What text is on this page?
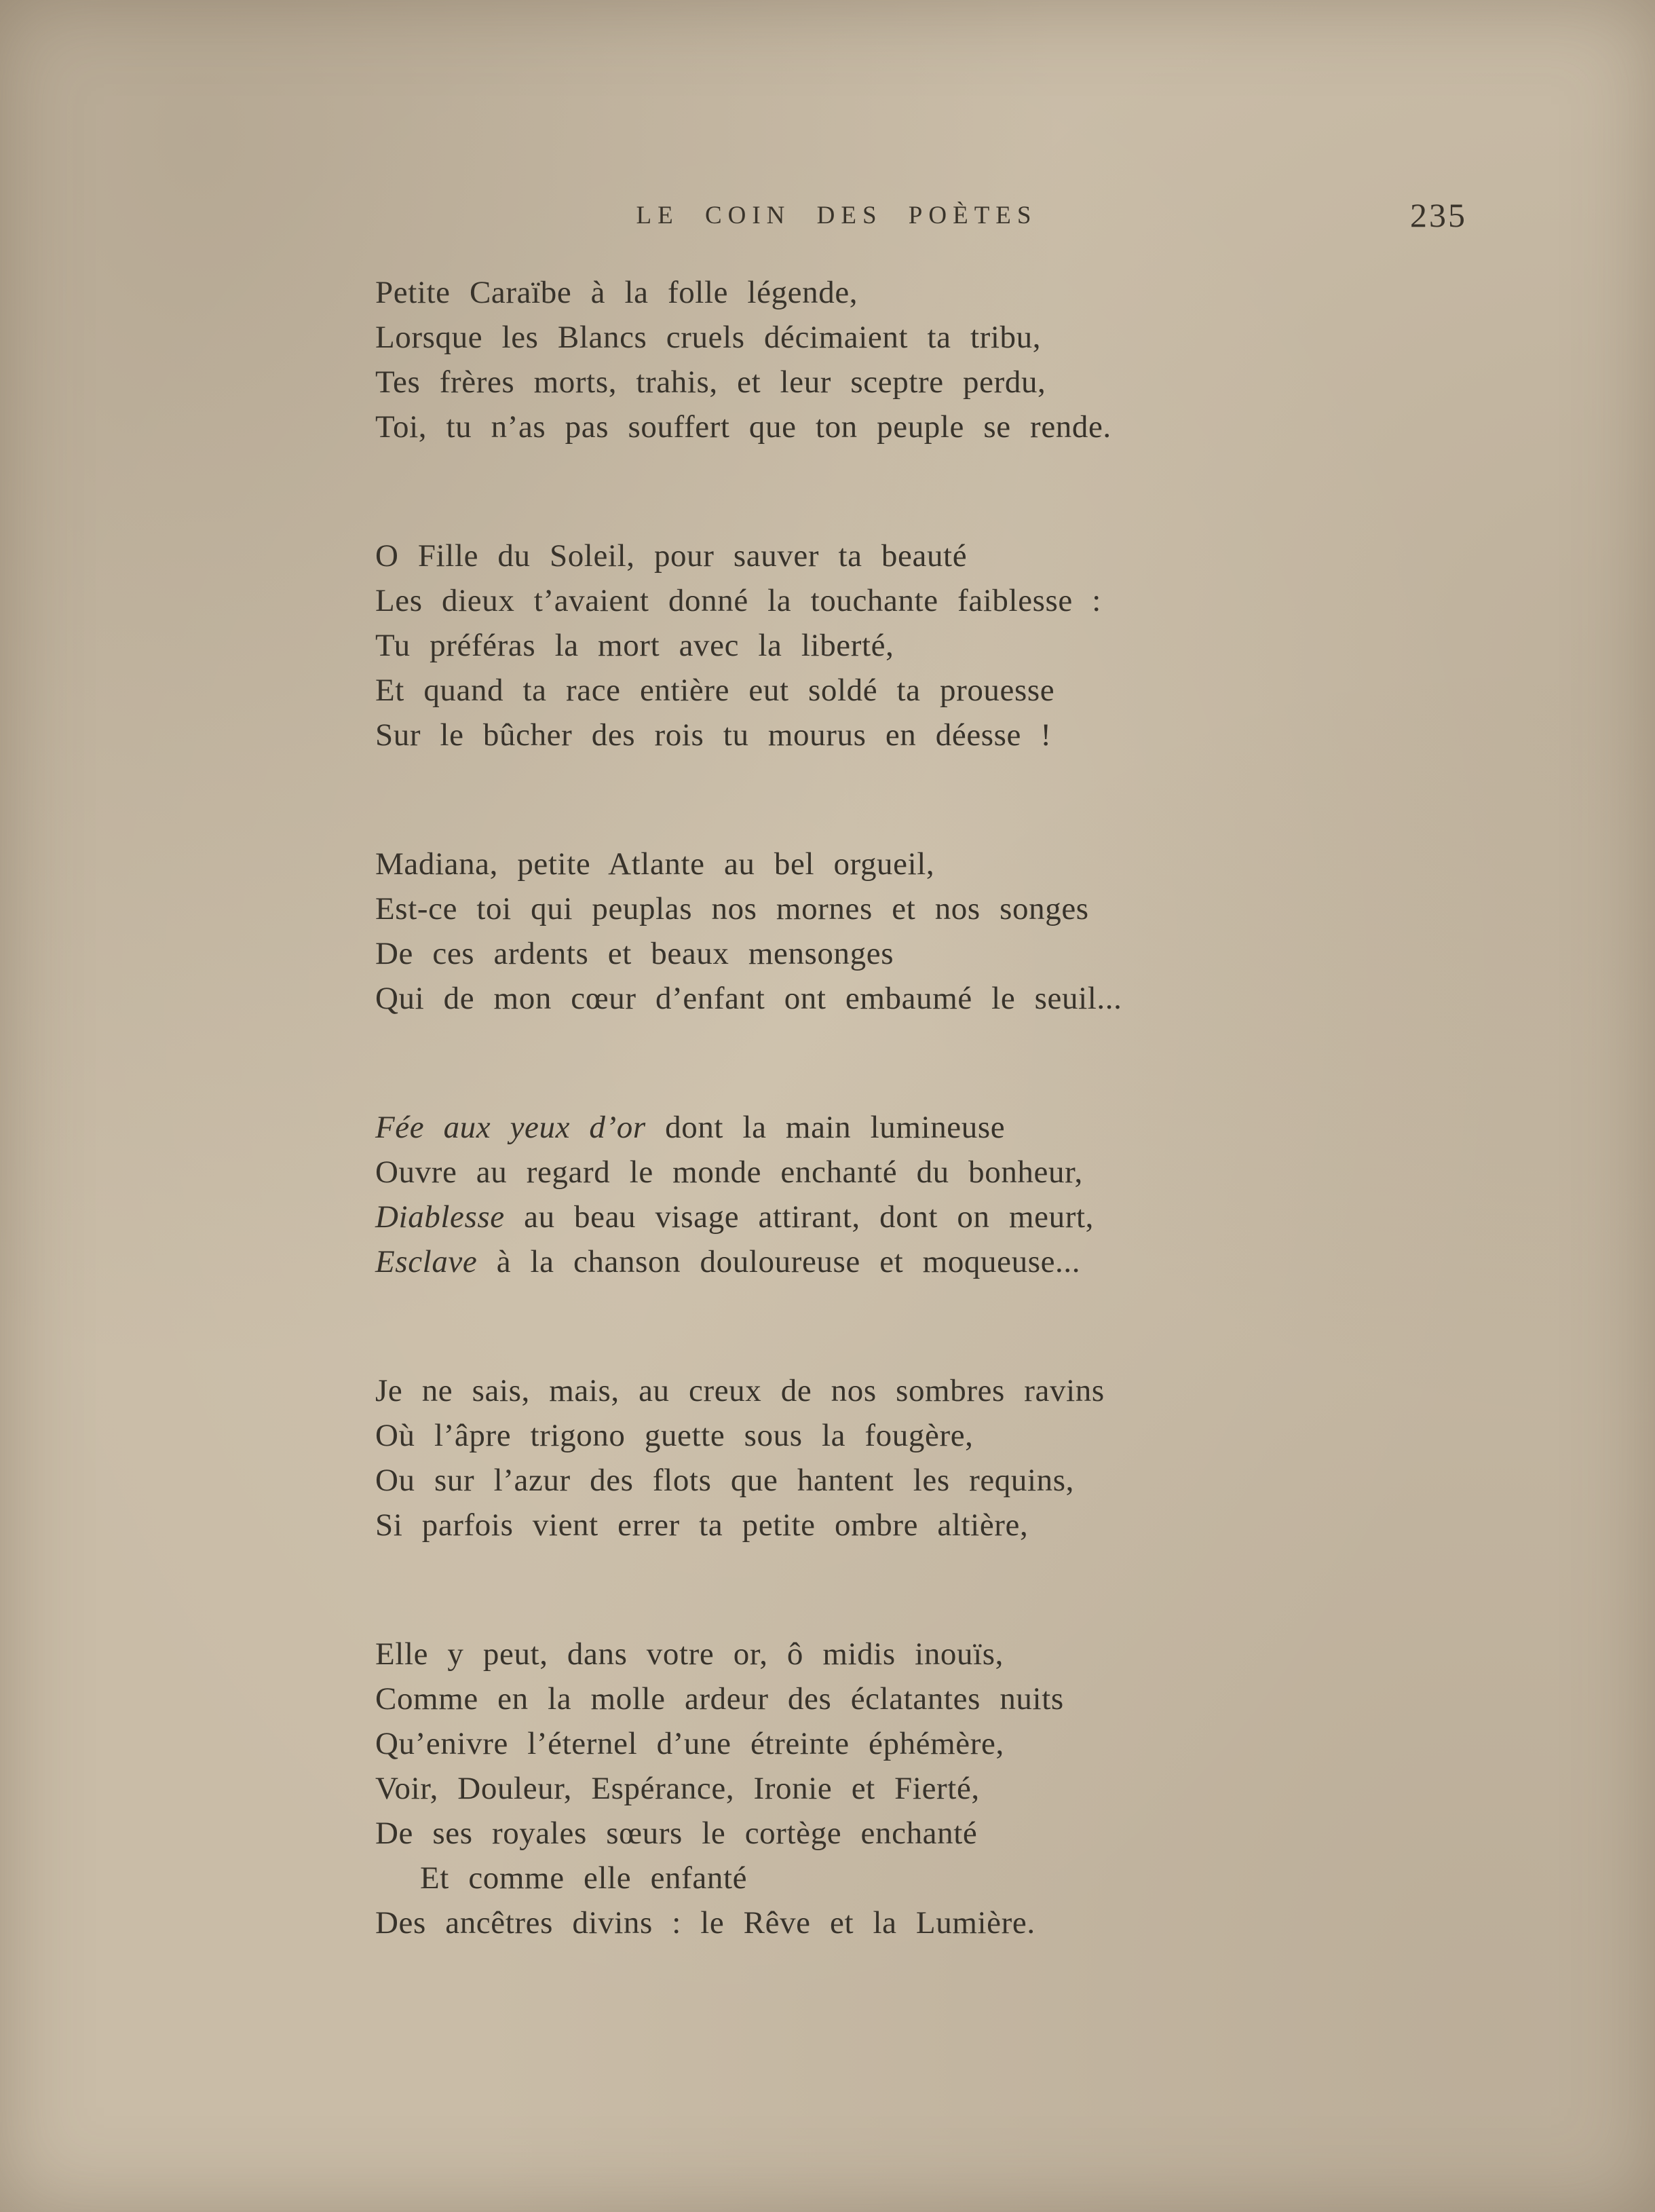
LE COIN DES POÈTES	235
Petite Caraïbe à la folle légende,
Lorsque les Blancs cruels décimaient ta tribu,
Tes frères morts, trahis, et leur sceptre perdu,
Toi, tu n’as pas souffert que ton peuple se rende.
O Fille du Soleil, pour sauver ta beauté
Les dieux t’avaient donné la touchante faiblesse :
Tu préféras la mort avec la liberté,
Et quand ta race entière eut soldé ta prouesse
Sur le bûcher des rois tu mourus en déesse !
Madiana, petite Atlante au bel orgueil,
Est-ce toi qui peuplas nos mornes et nos songes
De ces ardents et beaux mensonges
Qui de mon cœur d’enfant ont embaumé le seuil...
Fée aux yeux d’or dont la main lumineuse
Ouvre au regard le monde enchanté du bonheur,
Diablesse au beau visage attirant, dont on meurt,
Esclave à la chanson douloureuse et moqueuse...
Je ne sais, mais, au creux de nos sombres ravins
Où l’âpre trigono guette sous la fougère,
Ou sur l’azur des flots que hantent les requins,
Si parfois vient errer ta petite ombre altière,
Elle y peut, dans votre or, ô midis inouïs,
Comme en la molle ardeur des éclatantes nuits
Qu’enivre l’éternel d’une étreinte éphémère,
Voir, Douleur, Espérance, Ironie et Fierté,
De ses royales sœurs le cortège enchanté
Et comme elle enfanté
Des ancêtres divins : le Rêve et la Lumière.
